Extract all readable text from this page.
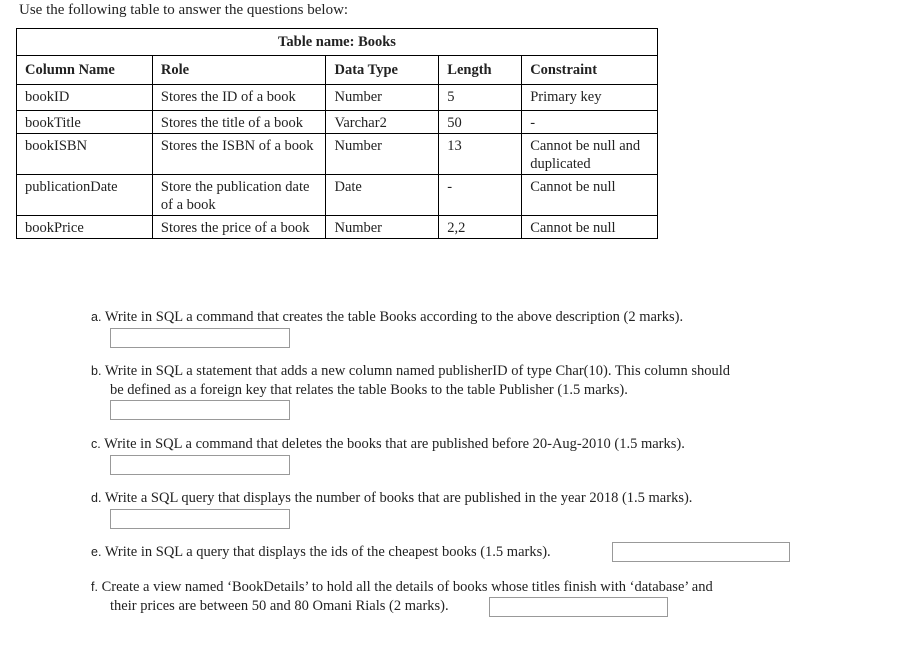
Use the following table to answer the questions below:
Table name: Books				
Column Name	Role	Data Type	Length	Constraint
bookID	Stores the ID of a book	Number	5	Primary key
bookTitle	Stores the title of a book	Varchar2	50	-
bookISBN	Stores the ISBN of a book	Number	13	Cannot be null and duplicated
publicationDate	Store the publication date of a book	Date	-	Cannot be null
bookPrice	Stores the price of a book	Number	2,2	Cannot be null
a. Write in SQL a command that creates the table Books according to the above description (2 marks).
b. Write in SQL a statement that adds a new column named publisherID of type Char(10). This column should
be defined as a foreign key that relates the table Books to the table Publisher (1.5 marks).
c. Write in SQL a command that deletes the books that are published before 20-Aug-2010 (1.5 marks).
d. Write a SQL query that displays the number of books that are published in the year 2018 (1.5 marks).
e. Write in SQL a query that displays the ids of the cheapest books (1.5 marks).
f. Create a view named ‘BookDetails’ to hold all the details of books whose titles finish with ‘database’ and
their prices are between 50 and 80 Omani Rials (2 marks).
